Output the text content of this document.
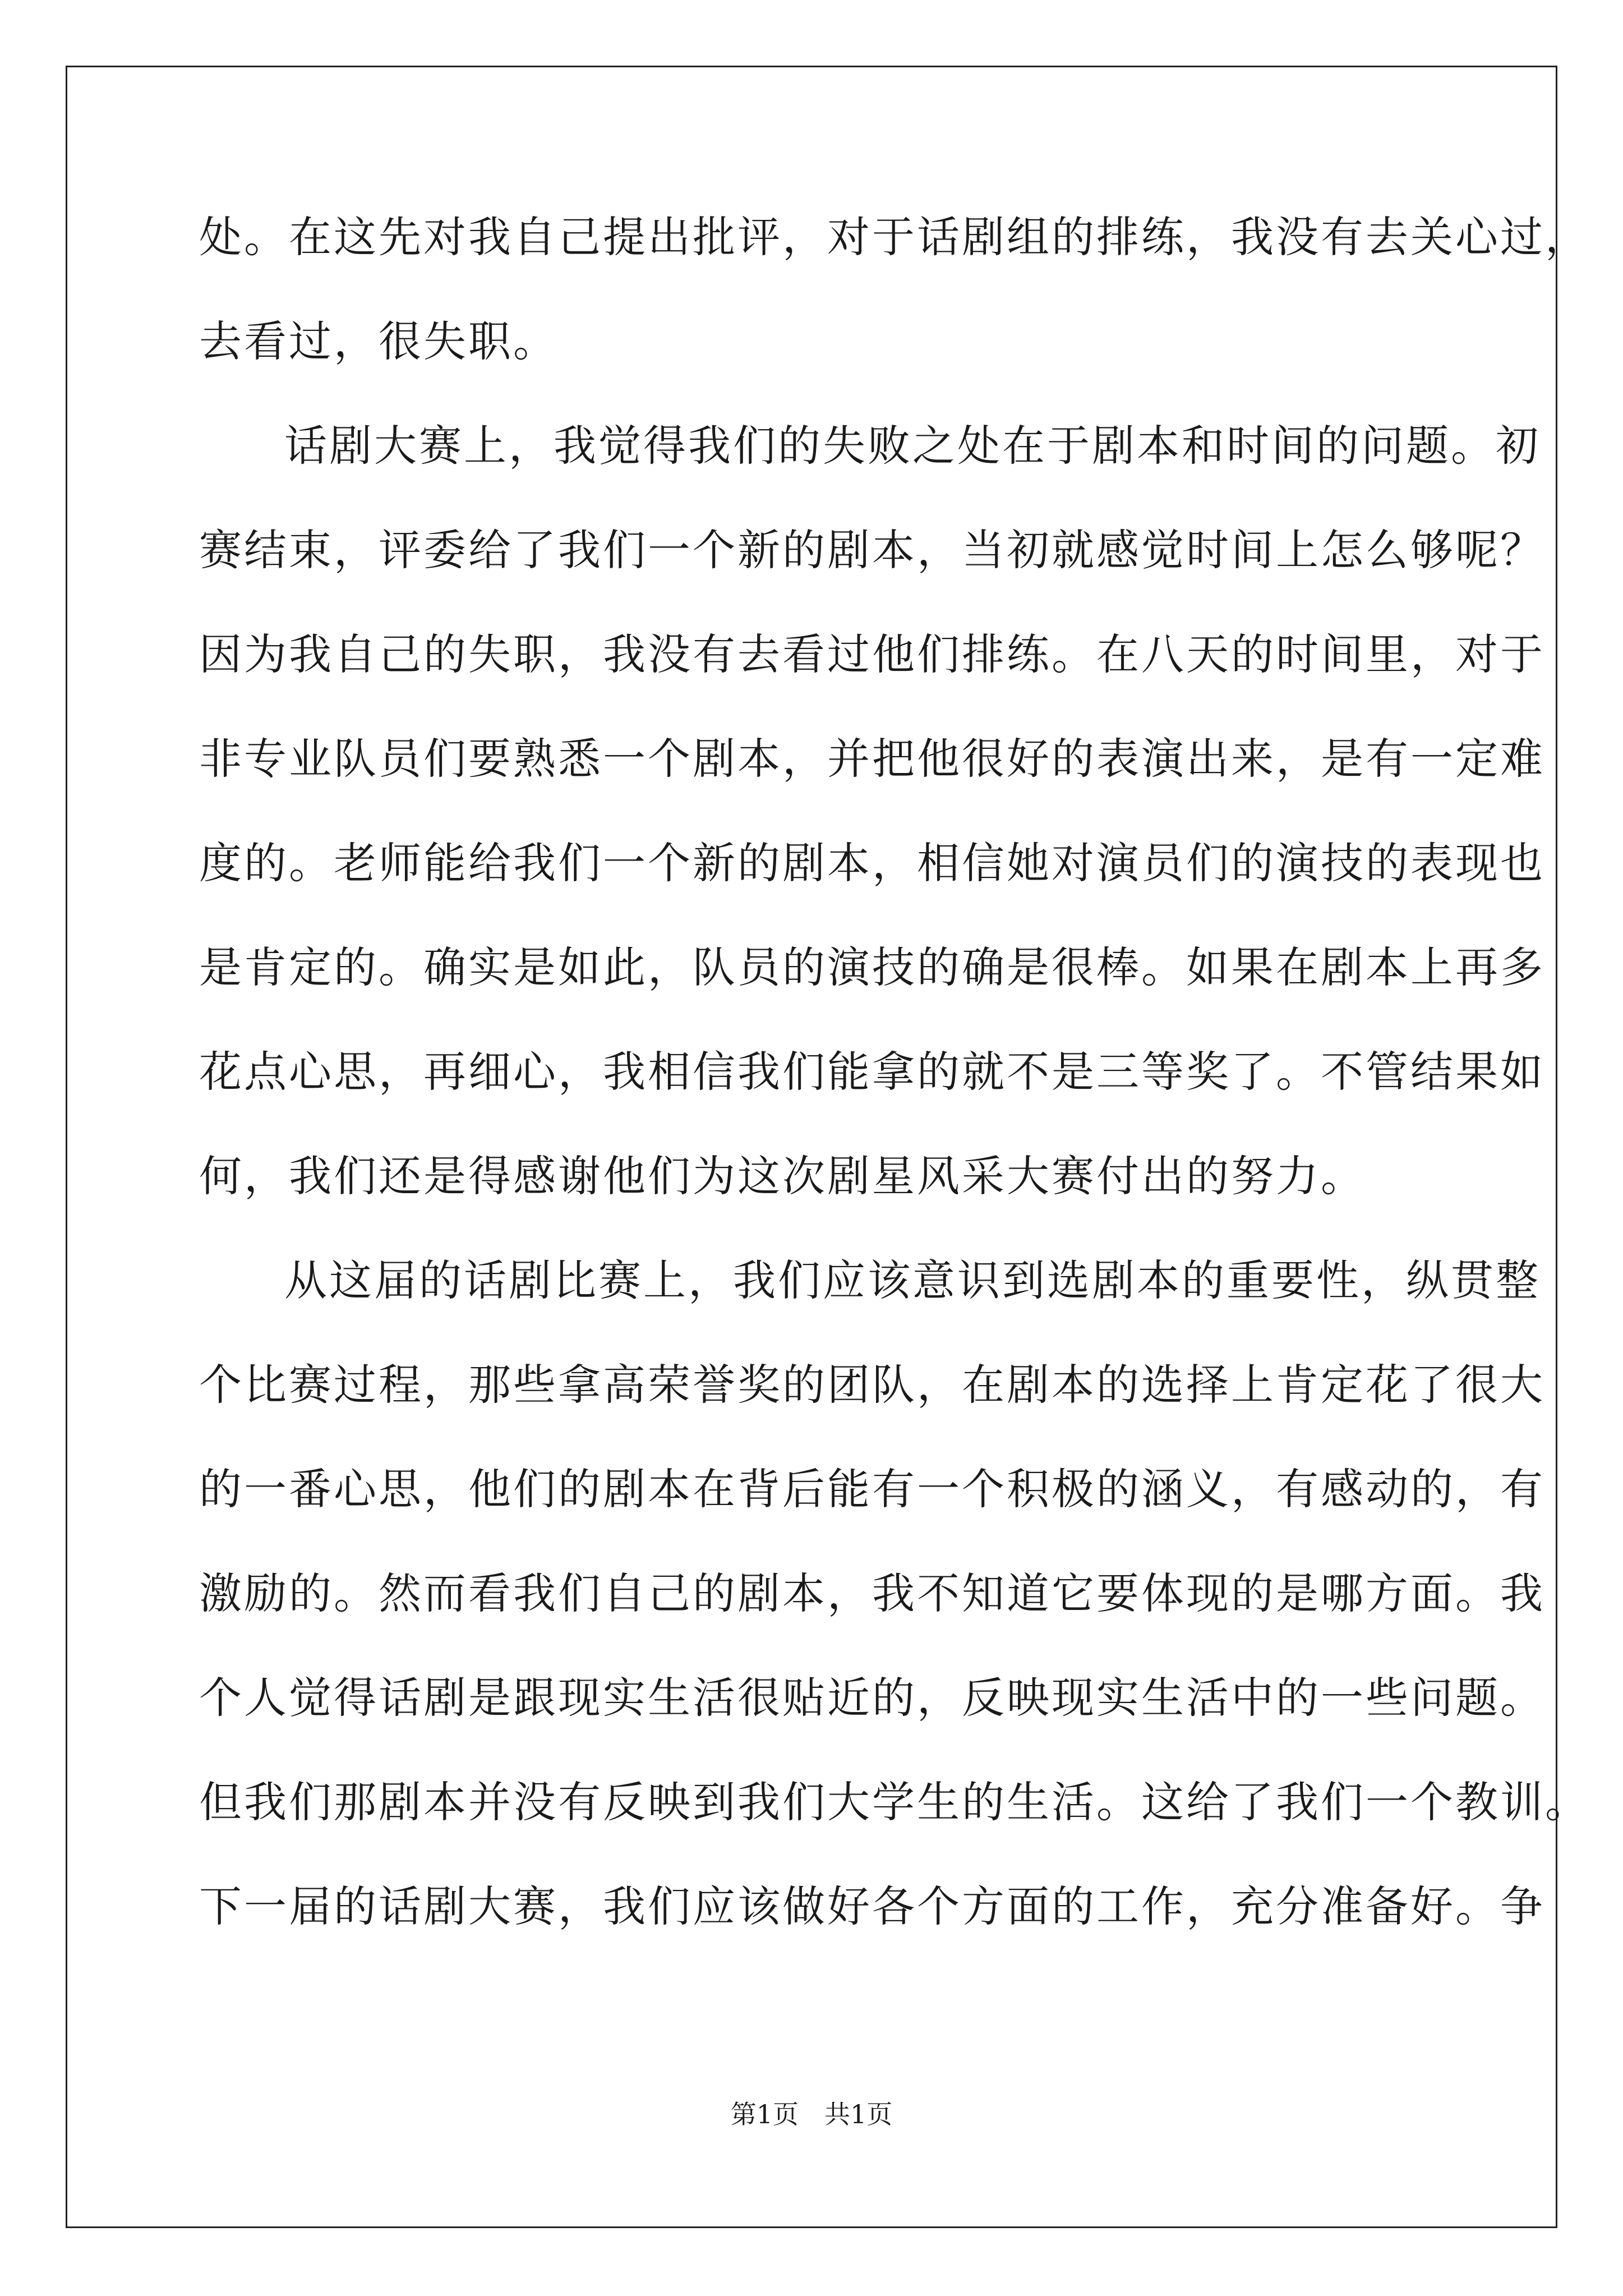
处。在这先对我自己提出批评，对于话剧组的排练，我没有去关心过，
去看过，很失职。
话剧大赛上，我觉得我们的失败之处在于剧本和时间的问题。初
赛结束，评委给了我们一个新的剧本，当初就感觉时间上怎么够呢？
因为我自己的失职，我没有去看过他们排练。在八天的时间里，对于
非专业队员们要熟悉一个剧本，并把他很好的表演出来，是有一定难
度的。老师能给我们一个新的剧本，相信她对演员们的演技的表现也
是肯定的。确实是如此，队员的演技的确是很棒。如果在剧本上再多
花点心思，再细心，我相信我们能拿的就不是三等奖了。不管结果如
何，我们还是得感谢他们为这次剧星风采大赛付出的努力。
从这届的话剧比赛上，我们应该意识到选剧本的重要性，纵贯整
个比赛过程，那些拿高荣誉奖的团队，在剧本的选择上肯定花了很大
的一番心思，他们的剧本在背后能有一个积极的涵义，有感动的，有
激励的。然而看我们自己的剧本，我不知道它要体现的是哪方面。我
个人觉得话剧是跟现实生活很贴近的，反映现实生活中的一些问题。
但我们那剧本并没有反映到我们大学生的生活。这给了我们一个教训。
下一届的话剧大赛，我们应该做好各个方面的工作，充分准备好。争
第1页　共1页
